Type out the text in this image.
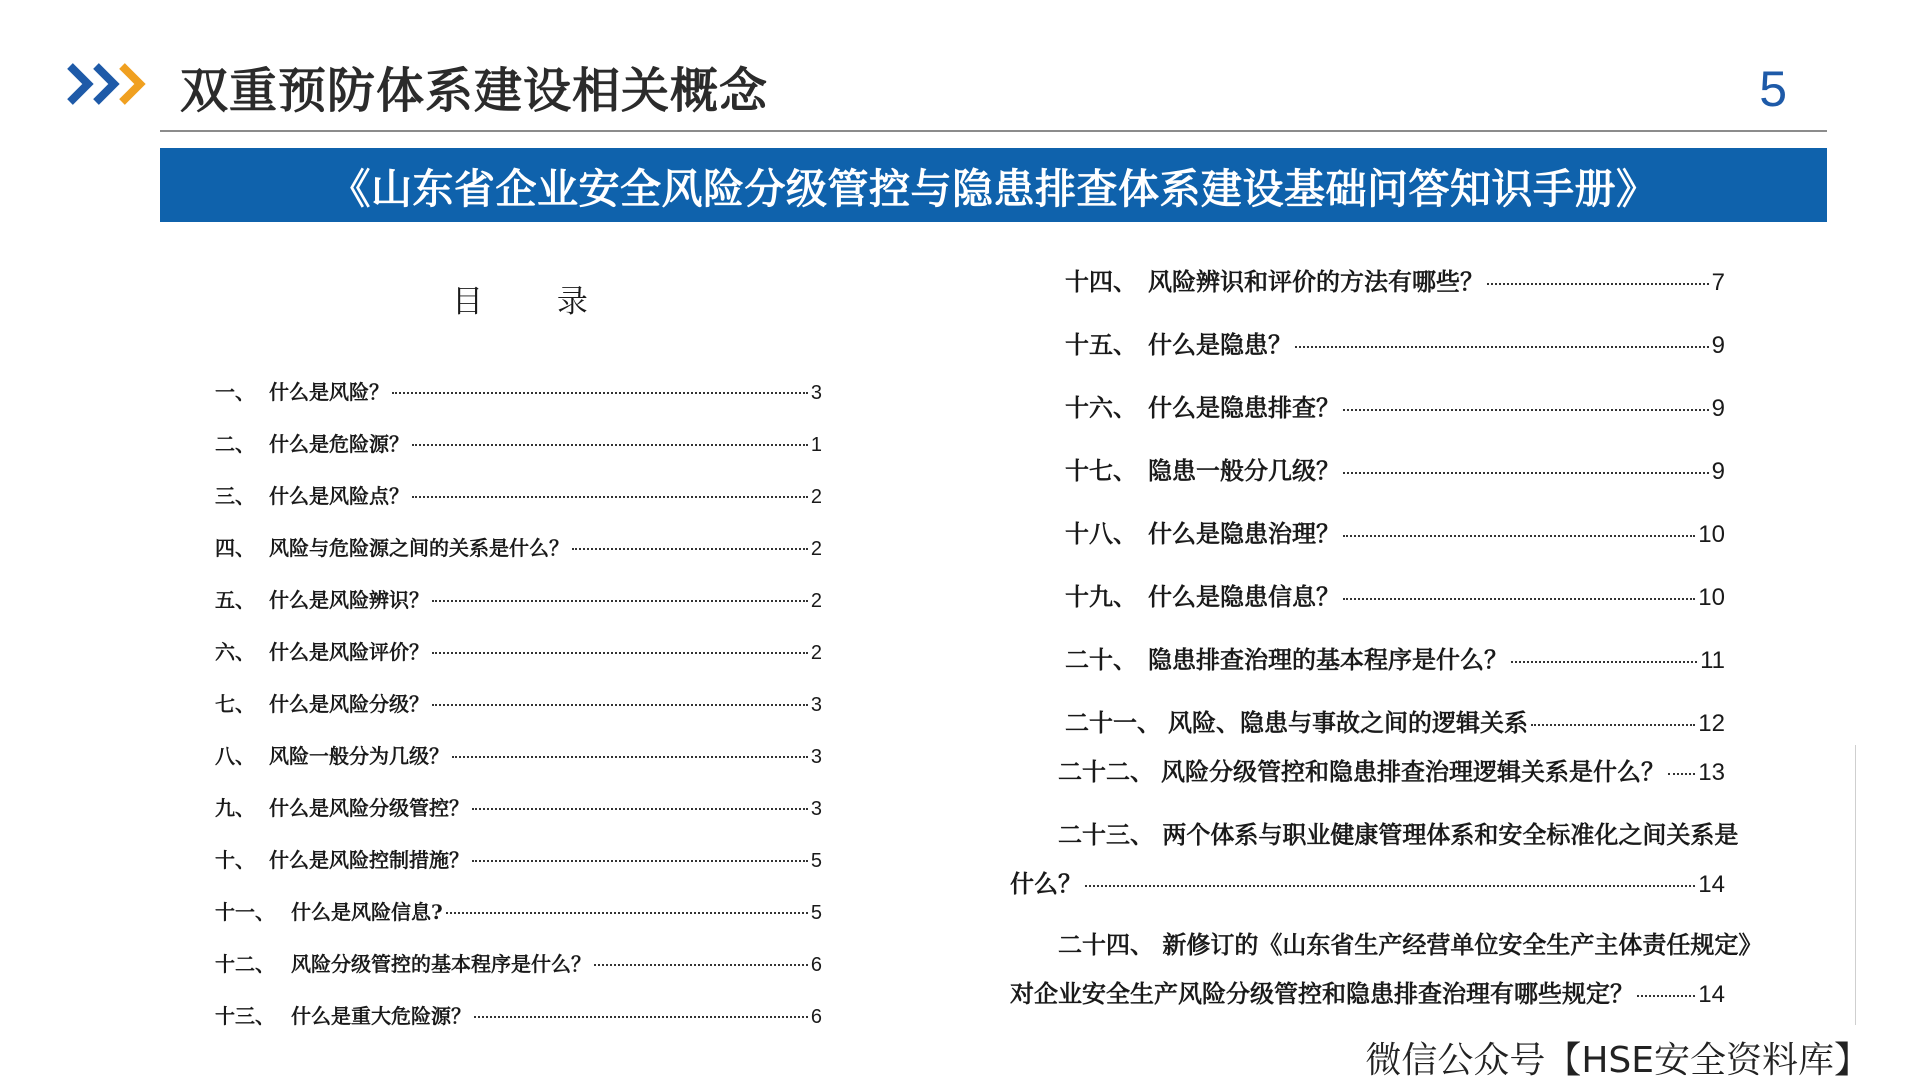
双重预防体系建设相关概念	5
《山东省企业安全风险分级管控与隐患排查体系建设基础问答知识手册》
目 录
一、 什么是风险？	3
二、 什么是危险源？	1
三、 什么是风险点？	2
四、 风险与危险源之间的关系是什么？	2
五、 什么是风险辨识？	2
六、 什么是风险评价？	2
七、 什么是风险分级？	3
八、 风险一般分为几级？	3
九、 什么是风险分级管控？	3
十、 什么是风险控制措施？	5
十一、 什么是风险信息?	5
十二、 风险分级管控的基本程序是什么？	6
十三、 什么是重大危险源？	6
十四、 风险辨识和评价的方法有哪些？	7
十五、 什么是隐患？	9
十六、 什么是隐患排查？	9
十七、 隐患一般分几级？	9
十八、 什么是隐患治理？	10
十九、 什么是隐患信息？	10
二十、 隐患排查治理的基本程序是什么？	11
二十一、 风险、隐患与事故之间的逻辑关系	12
二十二、 风险分级管控和隐患排查治理逻辑关系是什么？ 13
二十三、 两个体系与职业健康管理体系和安全标准化之间关系是
什么？	14
二十四、 新修订的《山东省生产经营单位安全生产主体责任规定》
对企业安全生产风险分级管控和隐患排查治理有哪些规定？	14
微信公众号【HSE安全资料库】
